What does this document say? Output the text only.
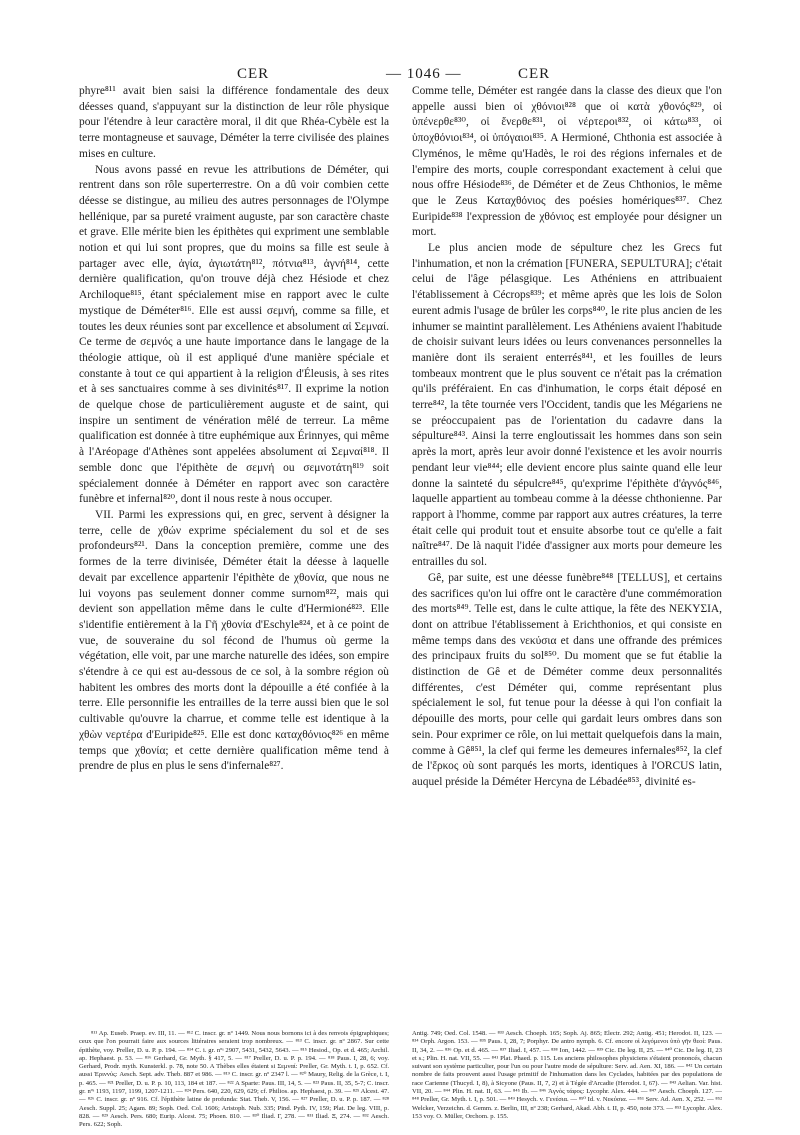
CER	— 1046 —	CER

phyre⁸¹¹ avait bien saisi la différence fondamentale des deux déesses quand, s'appuyant sur la distinction de leur rôle physique pour l'étendre à leur caractère moral, il dit que Rhéa-Cybèle est la terre montagneuse et sauvage, Déméter la terre civilisée des plaines mises en culture.

Nous avons passé en revue les attributions de Déméter, qui rentrent dans son rôle superterrestre. On a dû voir combien cette déesse se distingue, au milieu des autres personnages de l'Olympe hellénique, par sa pureté vraiment auguste, par son caractère chaste et grave. Elle mérite bien les épithètes qui expriment une semblable notion et qui lui sont propres, que du moins sa fille est seule à partager avec elle, ἁγία, ἁγιωτάτη⁸¹², πότνια⁸¹³, ἁγνή⁸¹⁴, cette dernière qualification, qu'on trouve déjà chez Hésiode et chez Archiloque⁸¹⁵, étant spécialement mise en rapport avec le culte mystique de Déméter⁸¹⁶. Elle est aussi σεμνή, comme sa fille, et toutes les deux réunies sont par excellence et absolument αἱ Σεμναί. Ce terme de σεμνός a une haute importance dans le langage de la théologie attique, où il est appliqué d'une manière spéciale et constante à tout ce qui appartient à la religion d'Éleusis, à ses rites et à ses sanctuaires comme à ses divinités⁸¹⁷. Il exprime la notion de quelque chose de particulièrement auguste et de saint, qui inspire un sentiment de vénération mêlé de terreur. La même qualification est donnée à titre euphémique aux Érinnyes, qui même à l'Aréopage d'Athènes sont appelées absolument αἱ Σεμναί⁸¹⁸. Il semble donc que l'épithète de σεμνή ou σεμνοτάτη⁸¹⁹ soit spécialement donnée à Déméter en rapport avec son caractère funèbre et infernal⁸²⁰, dont il nous reste à nous occuper.

VII. Parmi les expressions qui, en grec, servent à désigner la terre, celle de χθών exprime spécialement du sol et de ses profondeurs⁸²¹. Dans la conception première, comme une des formes de la terre divinisée, Déméter était la déesse à laquelle devait par excellence appartenir l'épithète de χθονία, que nous ne lui voyons pas seulement donner comme surnom⁸²², mais qui devient son appellation même dans le culte d'Hermioné⁸²³. Elle s'identifie entièrement à la Γῆ χθονία d'Eschyle⁸²⁴, et à ce point de vue, de souveraine du sol fécond de l'humus où germe la végétation, elle voit, par une marche naturelle des idées, son empire s'étendre à ce qui est au-dessous de ce sol, à la sombre région où habitent les ombres des morts dont la dépouille a été confiée à la terre. Elle personnifie les entrailles de la terre aussi bien que le sol cultivable qu'ouvre la charrue, et comme telle est identique à la χθὼν νερτέρα d'Euripide⁸²⁵. Elle est donc καταχθόνιος⁸²⁶ en même temps que χθονία; et cette dernière qualification même tend à prendre de plus en plus le sens d'infernale⁸²⁷.

Comme telle, Déméter est rangée dans la classe des dieux que l'on appelle aussi bien οἱ χθόνιοι⁸²⁸ que οἱ κατὰ χθονός⁸²⁹, οἱ ὑπένερθε⁸³⁰, οἱ ἔνερθε⁸³¹, οἱ νέρτεροι⁸³², οἱ κάτω⁸³³, οἱ ὑποχθόνιοι⁸³⁴, οἱ ὑπόγαιοι⁸³⁵. A Hermioné, Chthonia est associée à Clyménos, le même qu'Hadès, le roi des régions infernales et de l'empire des morts, couple correspondant exactement à celui que nous offre Hésiode⁸³⁶, de Déméter et de Zeus Chthonios, le même que le Zeus Καταχθόνιος des poésies homériques⁸³⁷. Chez Euripide⁸³⁸ l'expression de χθόνιος est employée pour désigner un mort.

Le plus ancien mode de sépulture chez les Grecs fut l'inhumation, et non la crémation [FUNERA, SEPULTURA]; c'était celui de l'âge pélasgique. Les Athéniens en attribuaient l'établissement à Cécrops⁸³⁹; et même après que les lois de Solon eurent admis l'usage de brûler les corps⁸⁴⁰, le rite plus ancien de les inhumer se maintint parallèlement. Les Athéniens avaient l'habitude de choisir suivant leurs idées ou leurs convenances personnelles la manière dont ils seraient enterrés⁸⁴¹, et les fouilles de leurs tombeaux montrent que le plus souvent ce n'était pas la crémation qu'ils préféraient. En cas d'inhumation, le corps était déposé en terre⁸⁴², la tête tournée vers l'Occident, tandis que les Mégariens ne se préoccupaient pas de l'orientation du cadavre dans la sépulture⁸⁴³. Ainsi la terre engloutissait les hommes dans son sein après la mort, après leur avoir donné l'existence et les avoir nourris pendant leur vie⁸⁴⁴; elle devient encore plus sainte quand elle leur donne la sainteté du sépulcre⁸⁴⁵, qu'exprime l'épithète d'ἁγνός⁸⁴⁶, laquelle appartient au tombeau comme à la déesse chthonienne. Par rapport à l'homme, comme par rapport aux autres créatures, la terre était celle qui produit tout et ensuite absorbe tout ce qu'elle a fait naître⁸⁴⁷. De là naquit l'idée d'assigner aux morts pour demeure les entrailles du sol.

Gê, par suite, est une déesse funèbre⁸⁴⁸ [TELLUS], et certains des sacrifices qu'on lui offre ont le caractère d'une commémoration des morts⁸⁴⁹. Telle est, dans le culte attique, la fête des ΝΕΚΥΣΙΑ, dont on attribue l'établissement à Erichthonios, et qui consiste en même temps dans des νεκύσια et dans une offrande des prémices des principaux fruits du sol⁸⁵⁰. Du moment que se fut établie la distinction de Gê et de Déméter comme deux personnalités différentes, c'est Déméter qui, comme représentant plus spécialement le sol, fut tenue pour la déesse à qui l'on confiait la dépouille des morts, pour celle qui gardait leurs ombres dans son sein. Pour exprimer ce rôle, on lui mettait quelquefois dans la main, comme à Gê⁸⁵¹, la clef qui ferme les demeures infernales⁸⁵², la clef de l'ἕρκος où sont parqués les morts, identiques à l'ORCUS latin, auquel préside la Déméter Hercyna de Lébadée⁸⁵³, divinité es-

⁸¹¹ Ap. Euseb. Praep. ev. III, 11. — ⁸¹² C. inscr. gr. nº 1449. Nous nous bornons ici à des renvois épigraphiques; ceux que l'on pourrait faire aux sources littéraires seraient trop nombreux. — ⁸¹³ C. inscr. gr. nº 2867. Sur cette épithète, voy. Preller, D. u. P. p. 194. — ⁸¹⁴ C. i. gr. nºˢ 2907, 5431, 5432, 5643. — ⁸¹⁵ Hesiod., Op. et d. 465; Archil. ap. Hephaest. p. 53. — ⁸¹⁶ Gerhard, Gr. Myth. § 417, 5. — ⁸¹⁷ Preller, D. u. P. p. 194. — ⁸¹⁸ Paus. I, 28, 6; voy. Gerhard, Prodr. myth. Kunsterkl. p. 78, note 50. A Thèbes elles étaient si Σεμναί: Preller, Gr. Myth. t. I, p. 652. Cf. aussi Ἐριννύς: Aesch. Sept. adv. Theb. 887 et 986. — ⁸¹⁹ C. inscr. gr. nº 2347 l. — ⁸²⁰ Maury, Relig. de la Grèce, t. I, p. 465. — ⁸²¹ Preller, D. u. P. p. 10, 113, 184 et 187. — ⁸²² A Sparte: Paus. III, 14, 5. — ⁸²³ Paus. II, 35, 5-7; C. inscr. gr. nºˢ 1193, 1197, 1199, 1207-1211. — ⁸²⁴ Pers. 640, 220, 629, 629; cf. Philios. ap. Hephaest, p. 39. — ⁸²⁵ Alcest. 47. — ⁸²⁶ C. inscr. gr. nº 916. Cf. l'épithète latine de profunda: Stat. Theb. V, 156. — ⁸²⁷ Preller, D. u. P. p. 187. — ⁸²⁸ Aesch. Suppl. 25; Agam. 89; Soph. Oed. Col. 1606; Aristoph. Nub. 335; Pind. Pyth. IV, 159; Plat. De leg. VIII, p. 828. — ⁸²⁹ Aesch. Pers. 680; Eurip. Alcest. 75; Phoen. 810. — ⁸³⁰ Iliad. Γ, 278. — ⁸³¹ Iliad. Ξ, 274. — ⁸³² Aesch. Pers. 622; Soph.

Antig. 749; Oed. Col. 1548. — ⁸³³ Aesch. Choeph. 165; Soph. Aj. 865; Electr. 292; Antig. 451; Herodot. II, 123. — ⁸³⁴ Orph. Argon. 153. — ⁸³⁵ Paus. I, 28, 7; Porphyr. De antro nymph. 6. Cf. encore οἱ λεγόμενοι ὑπὸ γῆν θεοί: Paus. II, 34, 2. — ⁸³⁶ Op. et d. 465. — ⁸³⁷ Iliad. I, 457. — ⁸³⁸ Ion, 1442. — ⁸³⁹ Cic. De leg. II, 25. — ⁸⁴⁰ Cic. De leg. II, 23 et s.; Plin. H. nat. VII, 55. — ⁸⁴¹ Plat. Phaed. p. 115. Les anciens philosophes physiciens s'étaient prononcés, chacun suivant son système particulier, pour l'un ou pour l'autre mode de sépulture: Serv. ad. Aen. XI, 186. — ⁸⁴² Un certain nombre de faits prouvent aussi l'usage primitif de l'inhumation dans les Cyclades, habitées par des populations de race Carienne (Thucyd. I, 8), à Sicyone (Paus. II, 7, 2) et à Tégée d'Arcadie (Herodot. I, 67). — ⁸⁴³ Aelian. Var. hist. VII, 20. — ⁸⁴⁴ Plin. H. nat. II, 63. — ⁸⁴⁵ Ib. — ⁸⁴⁶ Ἁγνὸς τάφος: Lycophr. Alex. 444. — ⁸⁴⁷ Aesch. Choeph. 127. — ⁸⁴⁸ Preller, Gr. Myth. t. I, p. 501. — ⁸⁴⁹ Hesych. v. Γενέσια. — ⁸⁵⁰ Id. v. Νεκύσια. — ⁸⁵¹ Serv. Ad. Aen. X, 252. — ⁸⁵² Welcker, Verzeichn. d. Gemm. z. Berlin, III, nº 238; Gerhard, Akad. Abh. t. II, p. 450, note 373. — ⁸⁵³ Lycophr. Alex. 153 voy. O. Müller, Orchom. p. 155.
